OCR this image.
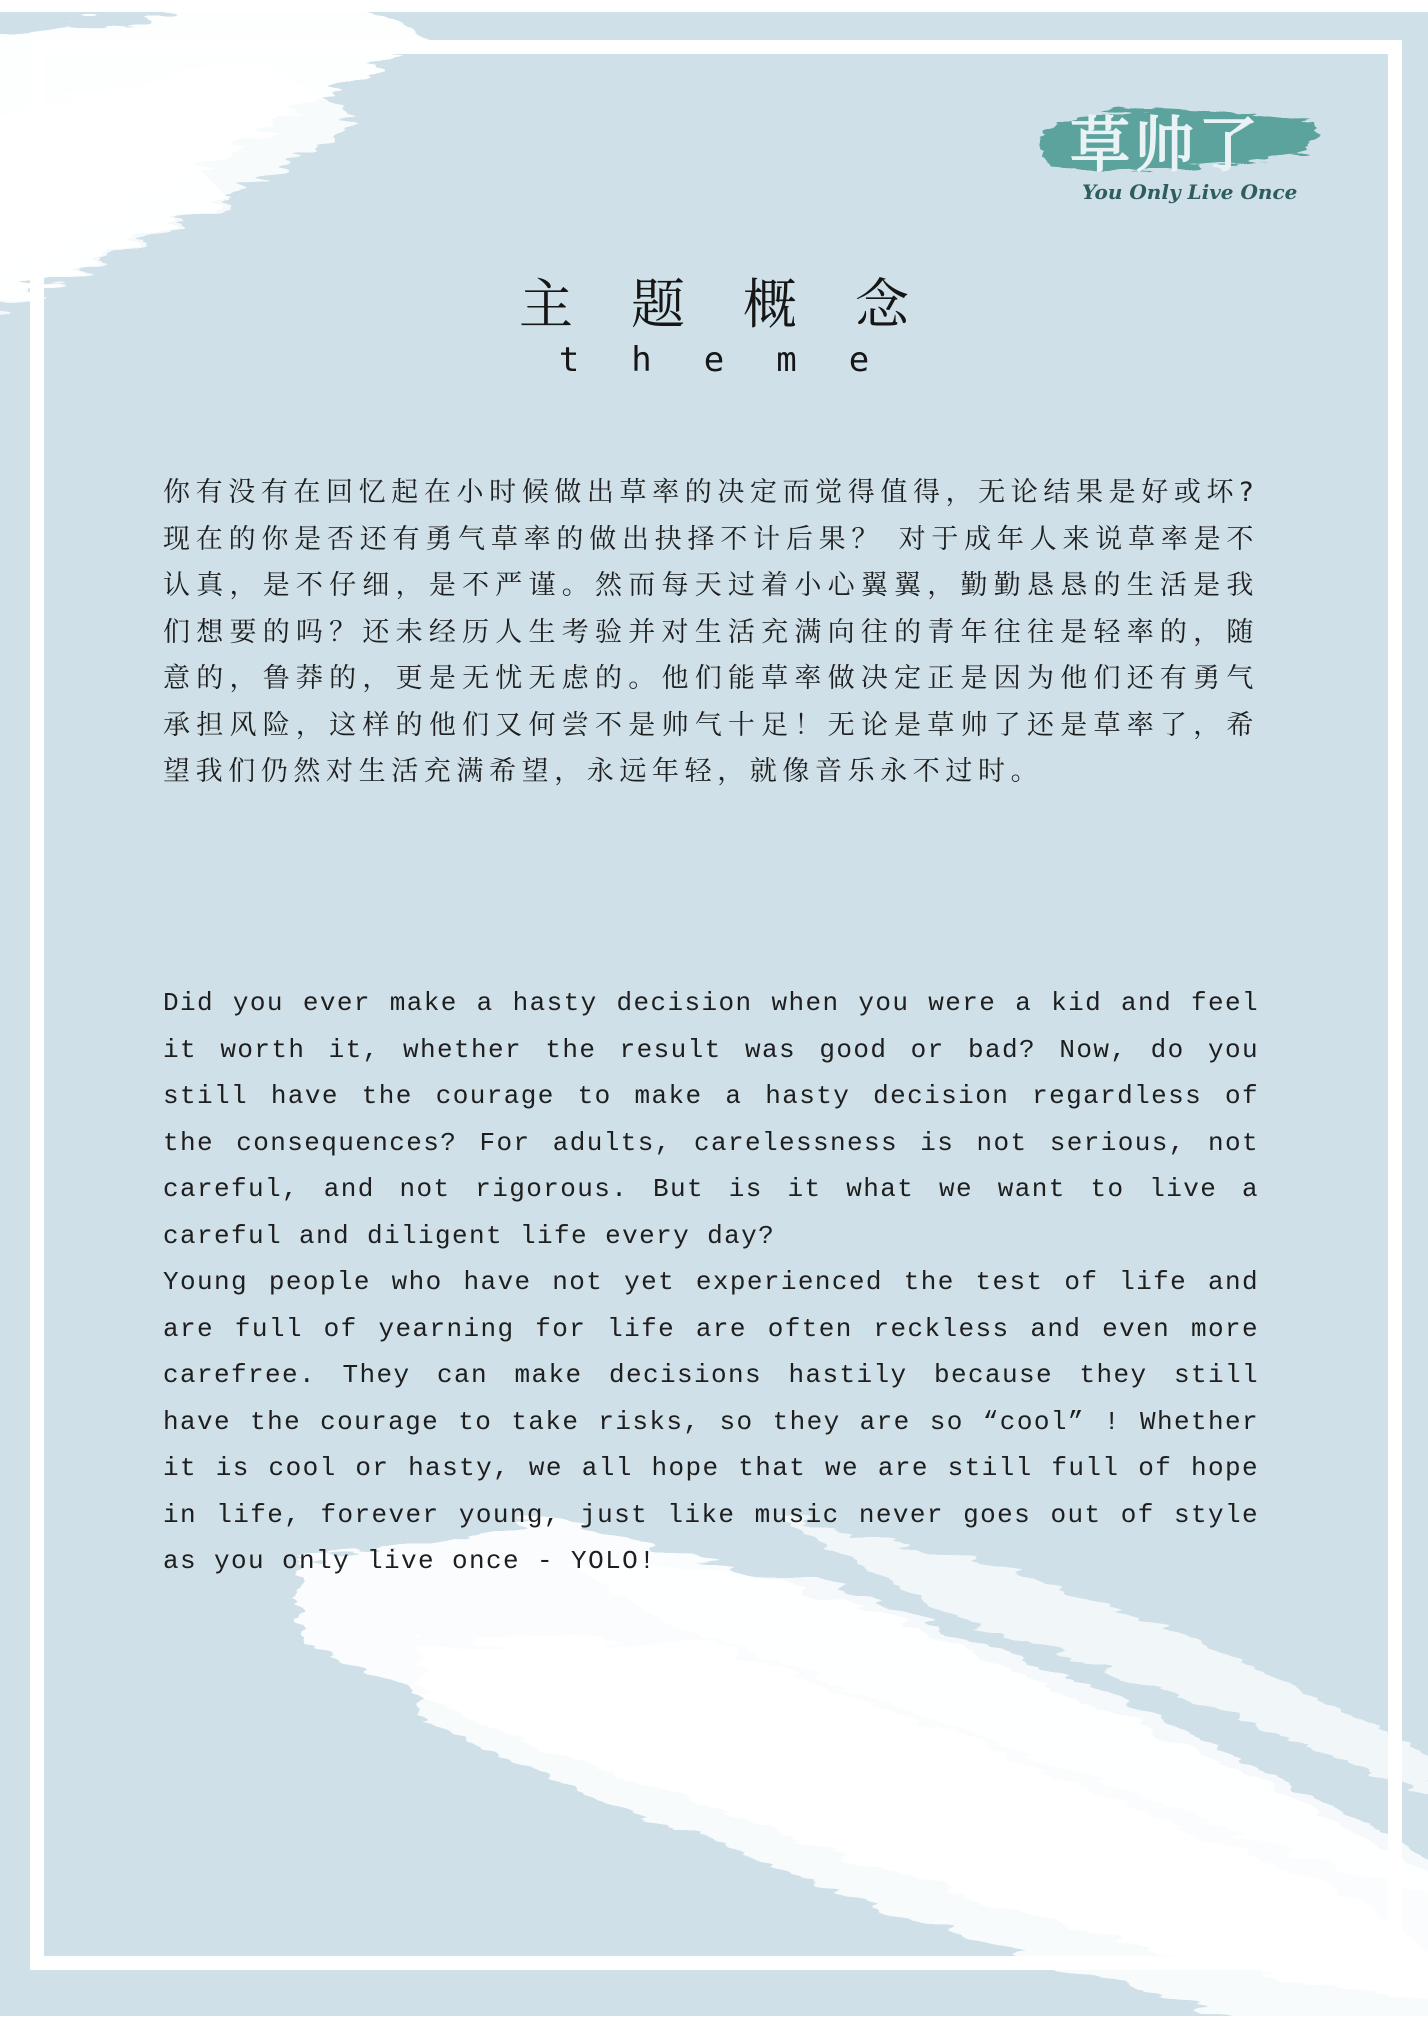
草帅了
You Only Live Once
主题概念
theme

你有没有在回忆起在小时候做出草率的决定而觉得值得，无论结果是好或坏?现在的你是否还有勇气草率的做出抉择不计后果？ 对于成年人来说草率是不认真，是不仔细，是不严谨。然而每天过着小心翼翼，勤勤恳恳的生活是我们想要的吗？还未经历人生考验并对生活充满向往的青年往往是轻率的，随意的，鲁莽的，更是无忧无虑的。他们能草率做决定正是因为他们还有勇气承担风险，这样的他们又何尝不是帅气十足！无论是草帅了还是草率了，希望我们仍然对生活充满希望，永远年轻，就像音乐永不过时。

Did you ever make a hasty decision when you were a kid and feel it worth it, whether the result was good or bad? Now, do you still have the courage to make a hasty decision regardless of the consequences? For adults, carelessness is not serious, not careful, and not rigorous. But is it what we want to live a careful and diligent life every day?

Young people who have not yet experienced the test of life and are full of yearning for life are often reckless and even more carefree. They can make decisions hastily because they still have the courage to take risks, so they are so “cool” ! Whether it is cool or hasty, we all hope that we are still full of hope in life, forever young, just like music never goes out of style as you only live once - YOLO!
